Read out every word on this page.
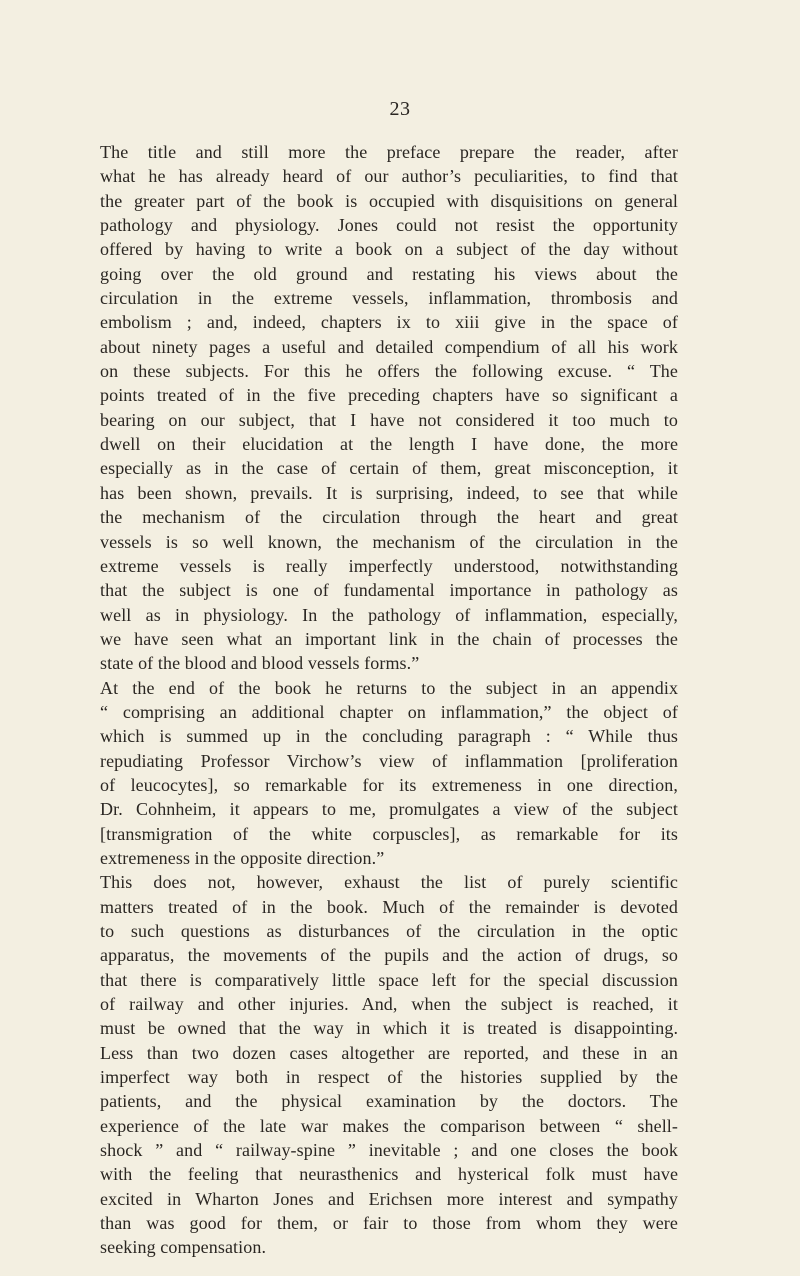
23
The title and still more the preface prepare the reader, after
what he has already heard of our author’s peculiarities, to find that
the greater part of the book is occupied with disquisitions on general
pathology and physiology. Jones could not resist the opportunity
offered by having to write a book on a subject of the day without
going over the old ground and restating his views about the
circulation in the extreme vessels, inflammation, thrombosis and
embolism ; and, indeed, chapters ix to xiii give in the space of
about ninety pages a useful and detailed compendium of all his work
on these subjects. For this he offers the following excuse. “ The
points treated of in the five preceding chapters have so significant a
bearing on our subject, that I have not considered it too much to
dwell on their elucidation at the length I have done, the more
especially as in the case of certain of them, great misconception, it
has been shown, prevails. It is surprising, indeed, to see that while
the mechanism of the circulation through the heart and great
vessels is so well known, the mechanism of the circulation in the
extreme vessels is really imperfectly understood, notwithstanding
that the subject is one of fundamental importance in pathology as
well as in physiology. In the pathology of inflammation, especially,
we have seen what an important link in the chain of processes the
state of the blood and blood vessels forms.”
At the end of the book he returns to the subject in an appendix
“ comprising an additional chapter on inflammation,” the object of
which is summed up in the concluding paragraph : “ While thus
repudiating Professor Virchow’s view of inflammation [proliferation
of leucocytes], so remarkable for its extremeness in one direction,
Dr. Cohnheim, it appears to me, promulgates a view of the subject
[transmigration of the white corpuscles], as remarkable for its
extremeness in the opposite direction.”
This does not, however, exhaust the list of purely scientific
matters treated of in the book. Much of the remainder is devoted
to such questions as disturbances of the circulation in the optic
apparatus, the movements of the pupils and the action of drugs, so
that there is comparatively little space left for the special discussion
of railway and other injuries. And, when the subject is reached, it
must be owned that the way in which it is treated is disappointing.
Less than two dozen cases altogether are reported, and these in an
imperfect way both in respect of the histories supplied by the
patients, and the physical examination by the doctors. The
experience of the late war makes the comparison between “ shell-
shock ” and “ railway-spine ” inevitable ; and one closes the book
with the feeling that neurasthenics and hysterical folk must have
excited in Wharton Jones and Erichsen more interest and sympathy
than was good for them, or fair to those from whom they were
seeking compensation.
